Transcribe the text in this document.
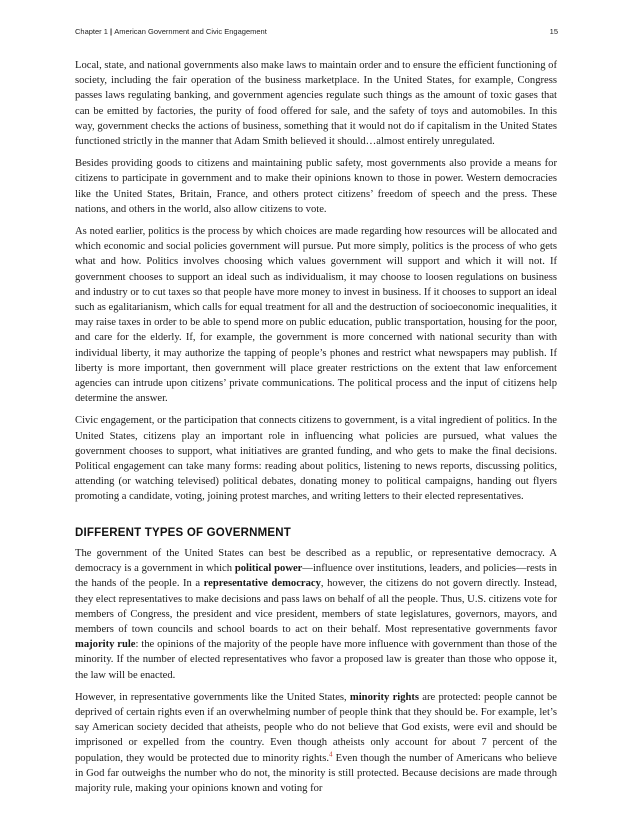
Chapter 1 | American Government and Civic Engagement	15

Local, state, and national governments also make laws to maintain order and to ensure the efficient functioning of society, including the fair operation of the business marketplace. In the United States, for example, Congress passes laws regulating banking, and government agencies regulate such things as the amount of toxic gases that can be emitted by factories, the purity of food offered for sale, and the safety of toys and automobiles. In this way, government checks the actions of business, something that it would not do if capitalism in the United States functioned strictly in the manner that Adam Smith believed it should…almost entirely unregulated.

Besides providing goods to citizens and maintaining public safety, most governments also provide a means for citizens to participate in government and to make their opinions known to those in power. Western democracies like the United States, Britain, France, and others protect citizens’ freedom of speech and the press. These nations, and others in the world, also allow citizens to vote.

As noted earlier, politics is the process by which choices are made regarding how resources will be allocated and which economic and social policies government will pursue. Put more simply, politics is the process of who gets what and how. Politics involves choosing which values government will support and which it will not. If government chooses to support an ideal such as individualism, it may choose to loosen regulations on business and industry or to cut taxes so that people have more money to invest in business. If it chooses to support an ideal such as egalitarianism, which calls for equal treatment for all and the destruction of socioeconomic inequalities, it may raise taxes in order to be able to spend more on public education, public transportation, housing for the poor, and care for the elderly. If, for example, the government is more concerned with national security than with individual liberty, it may authorize the tapping of people’s phones and restrict what newspapers may publish. If liberty is more important, then government will place greater restrictions on the extent that law enforcement agencies can intrude upon citizens’ private communications. The political process and the input of citizens help determine the answer.

Civic engagement, or the participation that connects citizens to government, is a vital ingredient of politics. In the United States, citizens play an important role in influencing what policies are pursued, what values the government chooses to support, what initiatives are granted funding, and who gets to make the final decisions. Political engagement can take many forms: reading about politics, listening to news reports, discussing politics, attending (or watching televised) political debates, donating money to political campaigns, handing out flyers promoting a candidate, voting, joining protest marches, and writing letters to their elected representatives.

DIFFERENT TYPES OF GOVERNMENT

The government of the United States can best be described as a republic, or representative democracy. A democracy is a government in which political power—influence over institutions, leaders, and policies—rests in the hands of the people. In a representative democracy, however, the citizens do not govern directly. Instead, they elect representatives to make decisions and pass laws on behalf of all the people. Thus, U.S. citizens vote for members of Congress, the president and vice president, members of state legislatures, governors, mayors, and members of town councils and school boards to act on their behalf. Most representative governments favor majority rule: the opinions of the majority of the people have more influence with government than those of the minority. If the number of elected representatives who favor a proposed law is greater than those who oppose it, the law will be enacted.

However, in representative governments like the United States, minority rights are protected: people cannot be deprived of certain rights even if an overwhelming number of people think that they should be. For example, let’s say American society decided that atheists, people who do not believe that God exists, were evil and should be imprisoned or expelled from the country. Even though atheists only account for about 7 percent of the population, they would be protected due to minority rights.$^4$ Even though the number of Americans who believe in God far outweighs the number who do not, the minority is still protected. Because decisions are made through majority rule, making your opinions known and voting for
